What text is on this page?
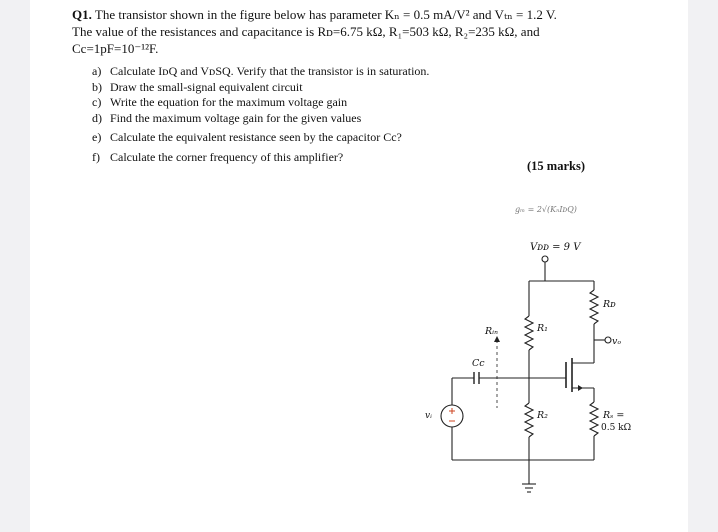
Q1. The transistor shown in the figure below has parameter Kₙ = 0.5 mA/V² and Vₜₙ = 1.2 V.
The value of the resistances and capacitance is Rᴅ=6.75 kΩ, R₁=503 kΩ, R₂=235 kΩ, and
Cc=1pF=10⁻¹²F.
a) Calculate IᴅQ and VᴅSQ. Verify that the transistor is in saturation.
b) Draw the small-signal equivalent circuit
c) Write the equation for the maximum voltage gain
d) Find the maximum voltage gain for the given values
e) Calculate the equivalent resistance seen by the capacitor Cc?
f) Calculate the corner frequency of this amplifier?
(15 marks)
gₘ = 2√(KₙIᴅQ)
Vᴅᴅ = 9 V
Rᴅ
R₁
R₂	Rₛ =
0.5 kΩ
vₒ
Rᵢₙ
Cc
vᵢ
